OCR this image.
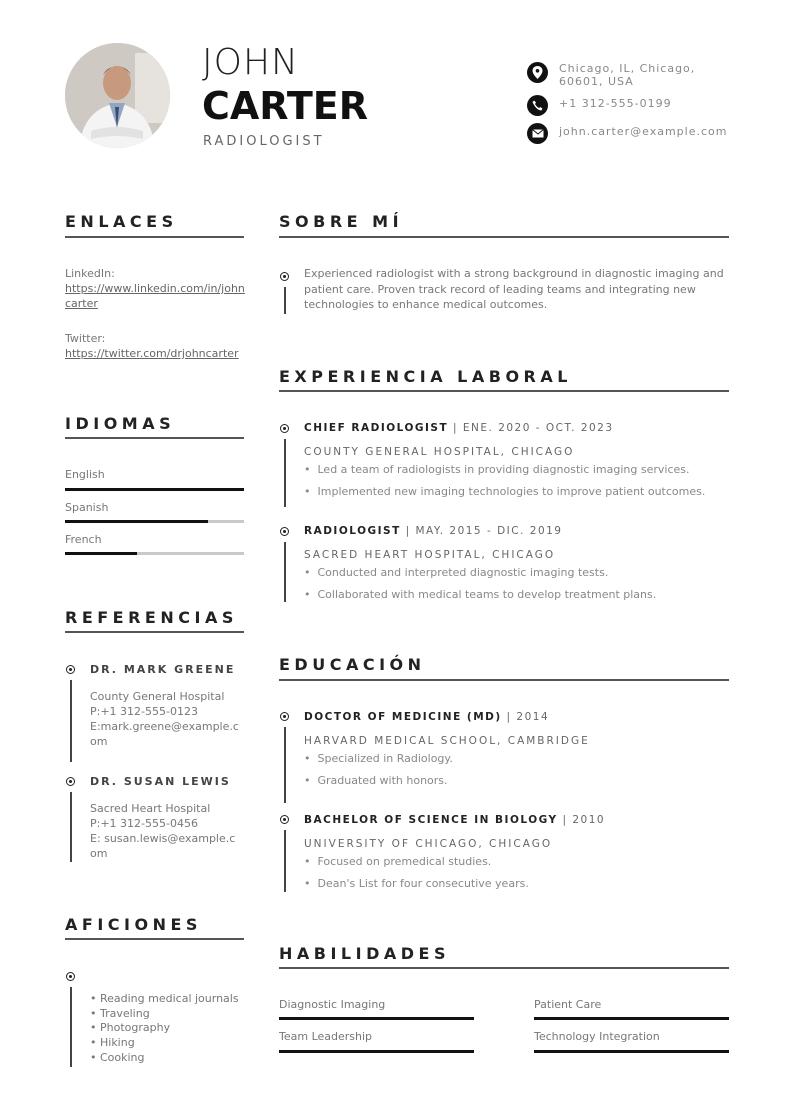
JOHN
CARTER
RADIOLOGIST
Chicago, IL, Chicago, 60601, USA
+1 312-555-0199
john.carter@example.com
ENLACES
LinkedIn:
https://www.linkedin.com/in/johncarter
Twitter:
https://twitter.com/drjohncarter
IDIOMAS
English
Spanish
French
REFERENCIAS
DR. MARK GREENE
County General Hospital
P:+1 312-555-0123
E:mark.greene@example.com
DR. SUSAN LEWIS
Sacred Heart Hospital
P:+1 312-555-0456
E: susan.lewis@example.com
AFICIONES
• Reading medical journals
• Traveling
• Photography
• Hiking
• Cooking
SOBRE MÍ
Experienced radiologist with a strong background in diagnostic imaging and patient care. Proven track record of leading teams and integrating new technologies to enhance medical outcomes.
EXPERIENCIA LABORAL
CHIEF RADIOLOGIST | ENE. 2020 - OCT. 2023
COUNTY GENERAL HOSPITAL, CHICAGO
• Led a team of radiologists in providing diagnostic imaging services.
• Implemented new imaging technologies to improve patient outcomes.
RADIOLOGIST | MAY. 2015 - DIC. 2019
SACRED HEART HOSPITAL, CHICAGO
• Conducted and interpreted diagnostic imaging tests.
• Collaborated with medical teams to develop treatment plans.
EDUCACIÓN
DOCTOR OF MEDICINE (MD) | 2014
HARVARD MEDICAL SCHOOL, CAMBRIDGE
• Specialized in Radiology.
• Graduated with honors.
BACHELOR OF SCIENCE IN BIOLOGY | 2010
UNIVERSITY OF CHICAGO, CHICAGO
• Focused on premedical studies.
• Dean's List for four consecutive years.
HABILIDADES
Diagnostic Imaging	Patient Care
Team Leadership	Technology Integration
